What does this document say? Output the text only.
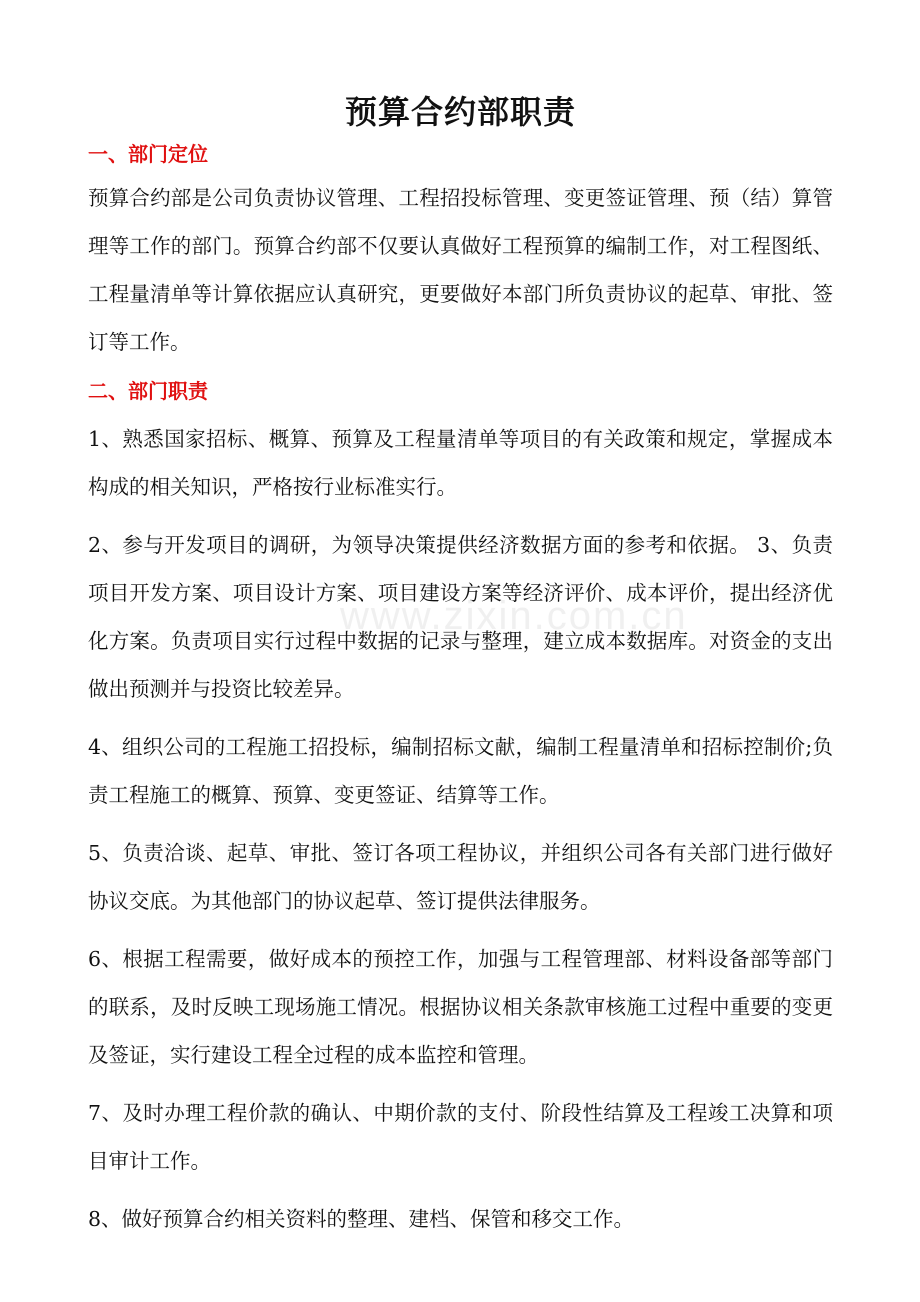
预算合约部职责
一、部门定位

预算合约部是公司负责协议管理、工程招投标管理、变更签证管理、预（结）算管理等工作的部门。预算合约部不仅要认真做好工程预算的编制工作，对工程图纸、工程量清单等计算依据应认真研究，更要做好本部门所负责协议的起草、审批、签订等工作。

二、部门职责

1、熟悉国家招标、概算、预算及工程量清单等项目的有关政策和规定，掌握成本构成的相关知识，严格按行业标准实行。

2、参与开发项目的调研，为领导决策提供经济数据方面的参考和依据。 3、负责项目开发方案、项目设计方案、项目建设方案等经济评价、成本评价，提出经济优化方案。负责项目实行过程中数据的记录与整理，建立成本数据库。对资金的支出做出预测并与投资比较差异。

4、组织公司的工程施工招投标，编制招标文献，编制工程量清单和招标控制价;负责工程施工的概算、预算、变更签证、结算等工作。

5、负责洽谈、起草、审批、签订各项工程协议，并组织公司各有关部门进行做好协议交底。为其他部门的协议起草、签订提供法律服务。

6、根据工程需要，做好成本的预控工作，加强与工程管理部、材料设备部等部门的联系，及时反映工现场施工情况。根据协议相关条款审核施工过程中重要的变更及签证，实行建设工程全过程的成本监控和管理。

7、及时办理工程价款的确认、中期价款的支付、阶段性结算及工程竣工决算和项目审计工作。

8、做好预算合约相关资料的整理、建档、保管和移交工作。

www.zixin.com.cn
